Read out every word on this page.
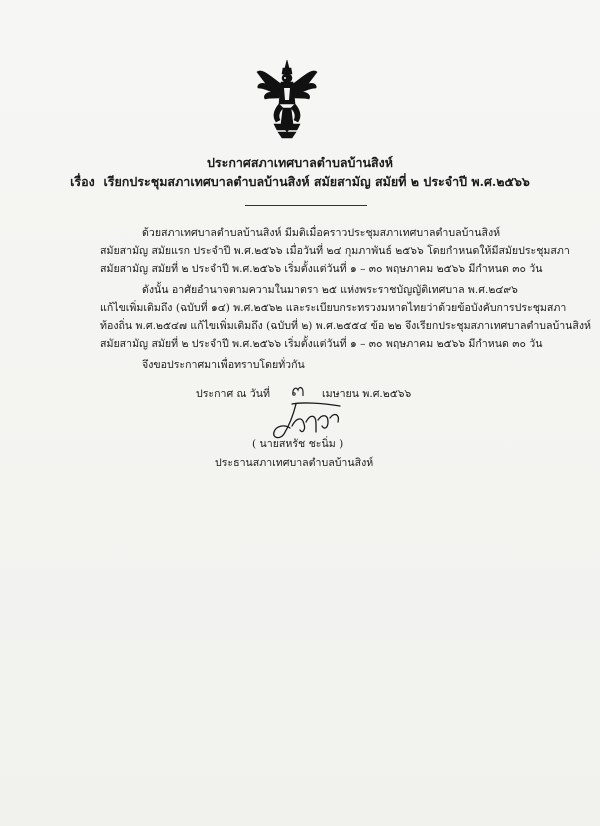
ประกาศสภาเทศบาลตำบลบ้านสิงห์
เรื่อง เรียกประชุมสภาเทศบาลตำบลบ้านสิงห์ สมัยสามัญ สมัยที่ ๒ ประจำปี พ.ศ.๒๕๖๖
ด้วยสภาเทศบาลตำบลบ้านสิงห์ มีมติเมื่อคราวประชุมสภาเทศบาลตำบลบ้านสิงห์
สมัยสามัญ สมัยแรก ประจำปี พ.ศ.๒๕๖๖ เมื่อวันที่ ๒๔ กุมภาพันธ์ ๒๕๖๖ โดยกำหนดให้มีสมัยประชุมสภา
สมัยสามัญ สมัยที่ ๒ ประจำปี พ.ศ.๒๕๖๖ เริ่มตั้งแต่วันที่ ๑ – ๓๐ พฤษภาคม ๒๕๖๖ มีกำหนด ๓๐ วัน
ดังนั้น อาศัยอำนาจตามความในมาตรา ๒๕ แห่งพระราชบัญญัติเทศบาล พ.ศ.๒๔๙๖
แก้ไขเพิ่มเติมถึง (ฉบับที่ ๑๔) พ.ศ.๒๕๖๒ และระเบียบกระทรวงมหาดไทยว่าด้วยข้อบังคับการประชุมสภา
ท้องถิ่น พ.ศ.๒๕๔๗ แก้ไขเพิ่มเติมถึง (ฉบับที่ ๒) พ.ศ.๒๕๕๔ ข้อ ๒๒ จึงเรียกประชุมสภาเทศบาลตำบลบ้านสิงห์
สมัยสามัญ สมัยที่ ๒ ประจำปี พ.ศ.๒๕๖๖ เริ่มตั้งแต่วันที่ ๑ – ๓๐ พฤษภาคม ๒๕๖๖ มีกำหนด ๓๐ วัน
จึงขอประกาศมาเพื่อทราบโดยทั่วกัน
ประกาศ ณ วันที่	เมษายน พ.ศ.๒๕๖๖
( นายสหรัช ชะนิ่ม )
ประธานสภาเทศบาลตำบลบ้านสิงห์
